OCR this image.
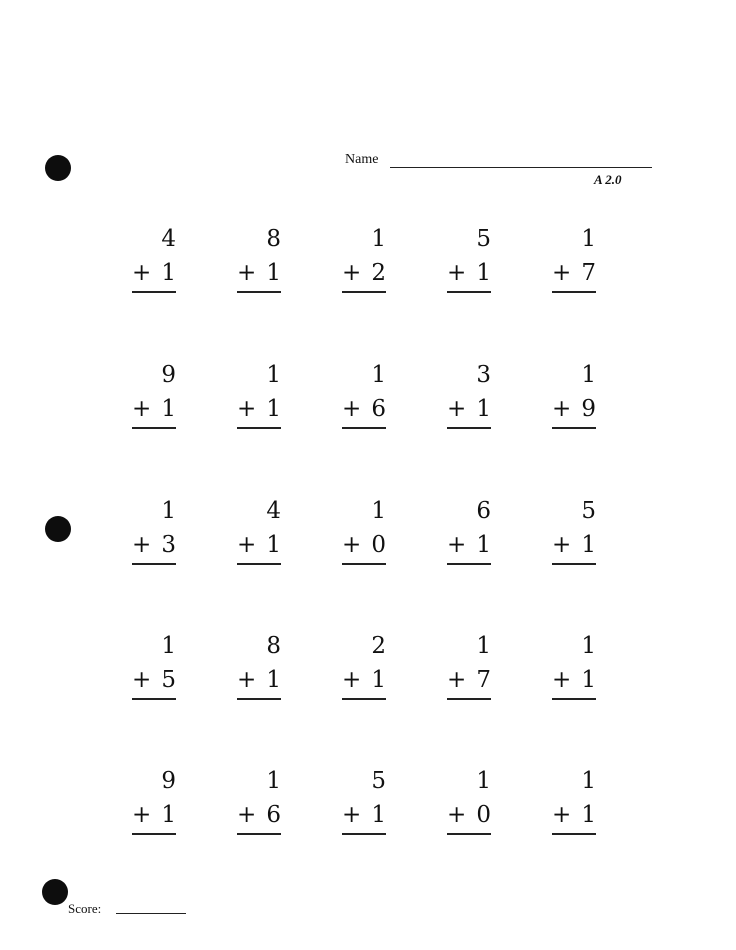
Name
A 2.0
4
+ 1
8
+ 1
1
+ 2
5
+ 1
1
+ 7
9
+ 1
1
+ 1
1
+ 6
3
+ 1
1
+ 9
1
+ 3
4
+ 1
1
+ 0
6
+ 1
5
+ 1
1
+ 5
8
+ 1
2
+ 1
1
+ 7
1
+ 1
9
+ 1
1
+ 6
5
+ 1
1
+ 0
1
+ 1
Score:
